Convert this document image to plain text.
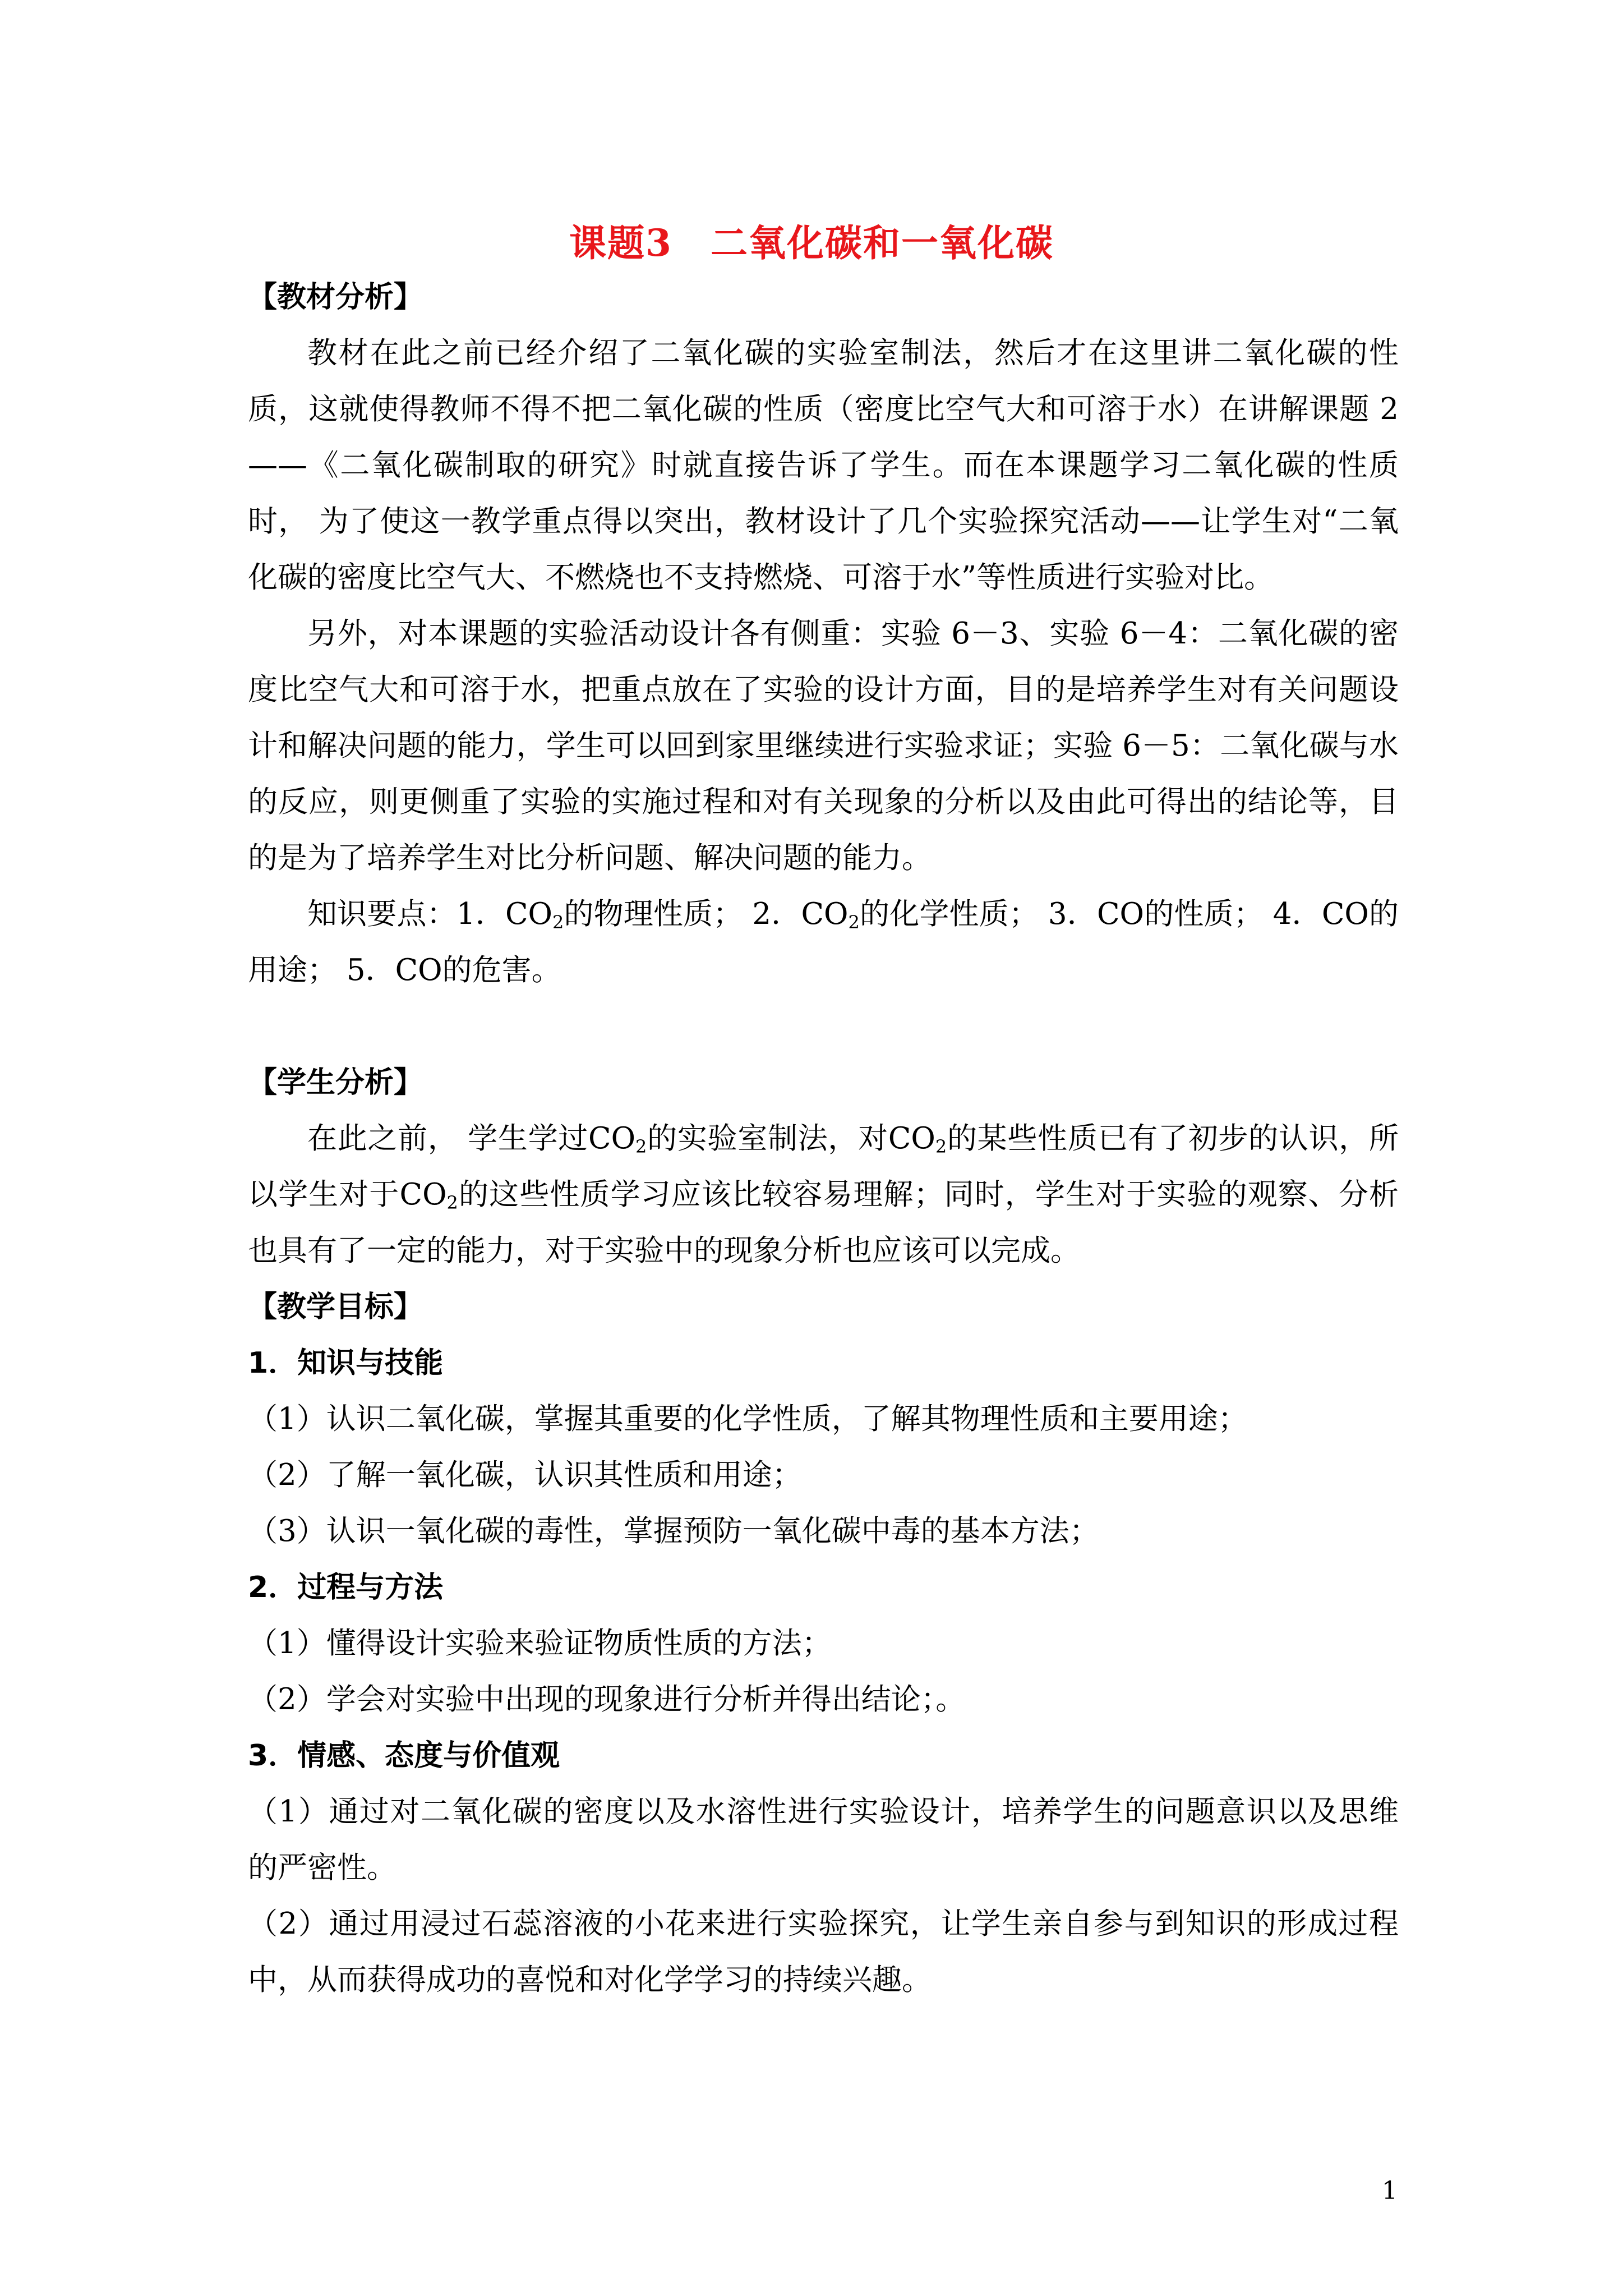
课题3　二氧化碳和一氧化碳
【教材分析】

教材在此之前已经介绍了二氧化碳的实验室制法，然后才在这里讲二氧化碳的性质，这就使得教师不得不把二氧化碳的性质（密度比空气大和可溶于水）在讲解课题 2——《二氧化碳制取的研究》时就直接告诉了学生。而在本课题学习二氧化碳的性质时， 为了使这一教学重点得以突出，教材设计了几个实验探究活动——让学生对“二氧化碳的密度比空气大、不燃烧也不支持燃烧、可溶于水”等性质进行实验对比。

另外，对本课题的实验活动设计各有侧重：实验 6－3、实验 6－4：二氧化碳的密度比空气大和可溶于水，把重点放在了实验的设计方面，目的是培养学生对有关问题设计和解决问题的能力，学生可以回到家里继续进行实验求证；实验 6－5：二氧化碳与水的反应，则更侧重了实验的实施过程和对有关现象的分析以及由此可得出的结论等，目的是为了培养学生对比分析问题、解决问题的能力。

知识要点：1．$CO_2$的物理性质； 2．$CO_2$的化学性质； 3．CO的性质； 4．CO的用途； 5．CO的危害。

【学生分析】

在此之前， 学生学过$CO_2$的实验室制法，对$CO_2$的某些性质已有了初步的认识，所以学生对于$CO_2$的这些性质学习应该比较容易理解；同时，学生对于实验的观察、分析也具有了一定的能力，对于实验中的现象分析也应该可以完成。

【教学目标】
1．知识与技能

（1）认识二氧化碳，掌握其重要的化学性质，了解其物理性质和主要用途；

（2）了解一氧化碳，认识其性质和用途；

（3）认识一氧化碳的毒性，掌握预防一氧化碳中毒的基本方法；

2．过程与方法

（1）懂得设计实验来验证物质性质的方法；

（2）学会对实验中出现的现象进行分析并得出结论；。

3．情感、态度与价值观

（1）通过对二氧化碳的密度以及水溶性进行实验设计，培养学生的问题意识以及思维 的严密性。

（2）通过用浸过石蕊溶液的小花来进行实验探究，让学生亲自参与到知识的形成过程 中，从而获得成功的喜悦和对化学学习的持续兴趣。

1
